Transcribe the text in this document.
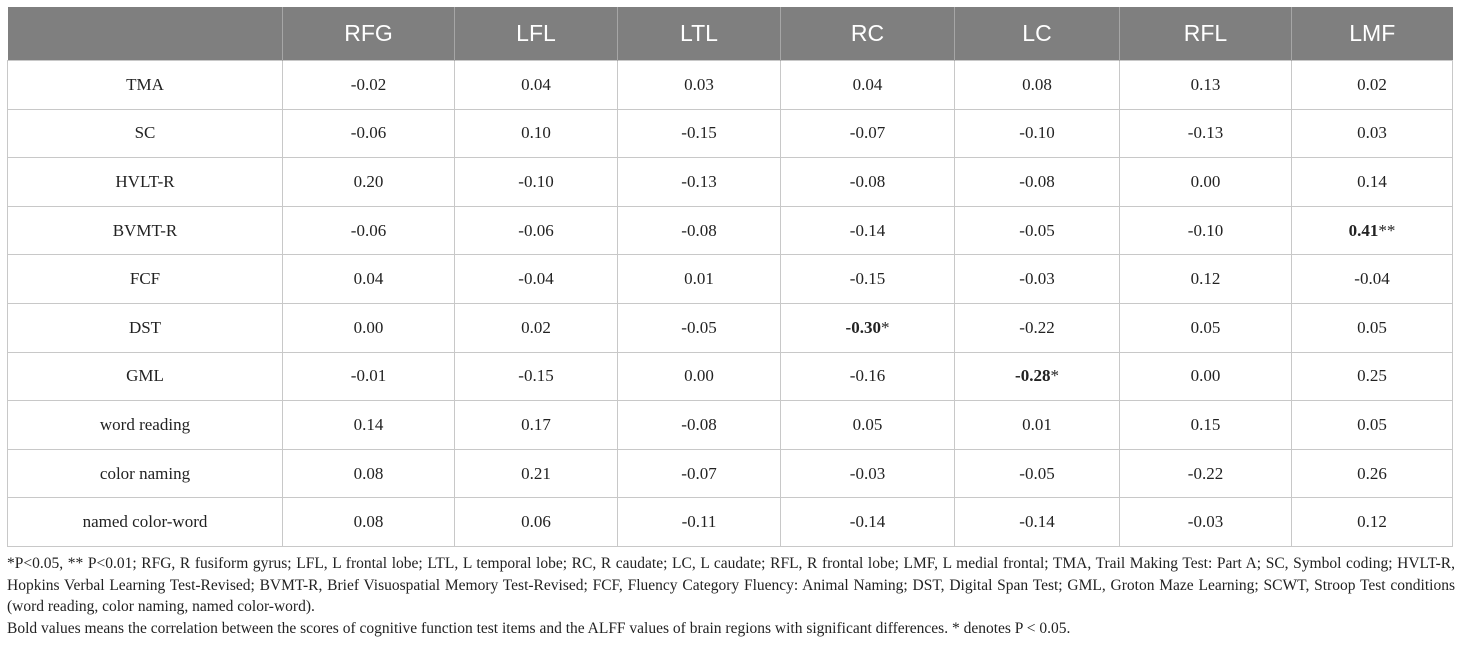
	RFG	LFL	LTL	RC	LC	RFL	LMF
TMA	-0.02	0.04	0.03	0.04	0.08	0.13	0.02
SC	-0.06	0.10	-0.15	-0.07	-0.10	-0.13	0.03
HVLT-R	0.20	-0.10	-0.13	-0.08	-0.08	0.00	0.14
BVMT-R	-0.06	-0.06	-0.08	-0.14	-0.05	-0.10	0.41**
FCF	0.04	-0.04	0.01	-0.15	-0.03	0.12	-0.04
DST	0.00	0.02	-0.05	-0.30*	-0.22	0.05	0.05
GML	-0.01	-0.15	0.00	-0.16	-0.28*	0.00	0.25
word reading	0.14	0.17	-0.08	0.05	0.01	0.15	0.05
color naming	0.08	0.21	-0.07	-0.03	-0.05	-0.22	0.26
named color-word	0.08	0.06	-0.11	-0.14	-0.14	-0.03	0.12

*P<0.05, ** P<0.01; RFG, R fusiform gyrus; LFL, L frontal lobe; LTL, L temporal lobe; RC, R caudate; LC, L caudate; RFL, R frontal lobe; LMF, L medial frontal; TMA, Trail Making Test: Part A; SC, Symbol coding; HVLT-R, Hopkins Verbal Learning Test-Revised; BVMT-R, Brief Visuospatial Memory Test-Revised; FCF, Fluency Category Fluency: Animal Naming; DST, Digital Span Test; GML, Groton Maze Learning; SCWT, Stroop Test conditions (word reading, color naming, named color-word).

Bold values means the correlation between the scores of cognitive function test items and the ALFF values of brain regions with significant differences. * denotes P < 0.05.
